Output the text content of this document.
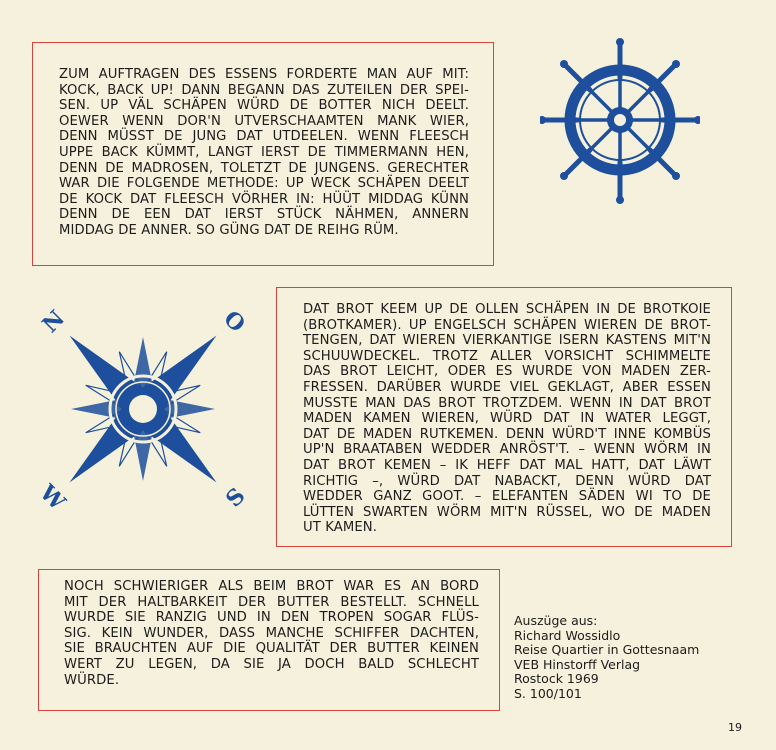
ZUM AUFTRAGEN DES ESSENS FORDERTE MAN AUF MIT:
KOCK, BACK UP! DANN BEGANN DAS ZUTEILEN DER SPEI-
SEN. UP VÄL SCHÄPEN WÜRD DE BOTTER NICH DEELT.
OEWER WENN DOR'N UTVERSCHAAMTEN MANK WIER,
DENN MÜSST DE JUNG DAT UTDEELEN. WENN FLEESCH
UPPE BACK KÜMMT, LANGT IERST DE TIMMERMANN HEN,
DENN DE MADROSEN, TOLETZT DE JUNGENS. GERECHTER
WAR DIE FOLGENDE METHODE: UP WECK SCHÄPEN DEELT
DE KOCK DAT FLEESCH VÖRHER IN: HÜÜT MIDDAG KÜNN
DENN DE EEN DAT IERST STÜCK NÄHMEN, ANNERN
MIDDAG DE ANNER. SO GÜNG DAT DE REIHG RÜM.

N	O
S
W

DAT BROT KEEM UP DE OLLEN SCHÄPEN IN DE BROTKOIE
(BROTKAMER). UP ENGELSCH SCHÄPEN WIEREN DE BROT-
TENGEN, DAT WIEREN VIERKANTIGE ISERN KASTENS MIT'N
SCHUUWDECKEL. TROTZ ALLER VORSICHT SCHIMMELTE
DAS BROT LEICHT, ODER ES WURDE VON MADEN ZER-
FRESSEN. DARÜBER WURDE VIEL GEKLAGT, ABER ESSEN
MUSSTE MAN DAS BROT TROTZDEM. WENN IN DAT BROT
MADEN KAMEN WIEREN, WÜRD DAT IN WATER LEGGT,
DAT DE MADEN RUTKEMEN. DENN WÜRD'T INNE KOMBÜS
UP'N BRAATABEN WEDDER ANRÖST'T. – WENN WÖRM IN
DAT BROT KEMEN – IK HEFF DAT MAL HATT, DAT LÄWT
RICHTIG –, WÜRD DAT NABACKT, DENN WÜRD DAT
WEDDER GANZ GOOT. – ELEFANTEN SÄDEN WI TO DE
LÜTTEN SWARTEN WÖRM MIT'N RÜSSEL, WO DE MADEN
UT KAMEN.

NOCH SCHWIERIGER ALS BEIM BROT WAR ES AN BORD
MIT DER HALTBARKEIT DER BUTTER BESTELLT. SCHNELL
WURDE SIE RANZIG UND IN DEN TROPEN SOGAR FLÜS-
SIG. KEIN WUNDER, DASS MANCHE SCHIFFER DACHTEN,
SIE BRAUCHTEN AUF DIE QUALITÄT DER BUTTER KEINEN
WERT ZU LEGEN, DA SIE JA DOCH BALD SCHLECHT
WÜRDE.

Auszüge aus:
Richard Wossidlo
Reise Quartier in Gottesnaam
VEB Hinstorff Verlag
Rostock 1969
S. 100/101
19
